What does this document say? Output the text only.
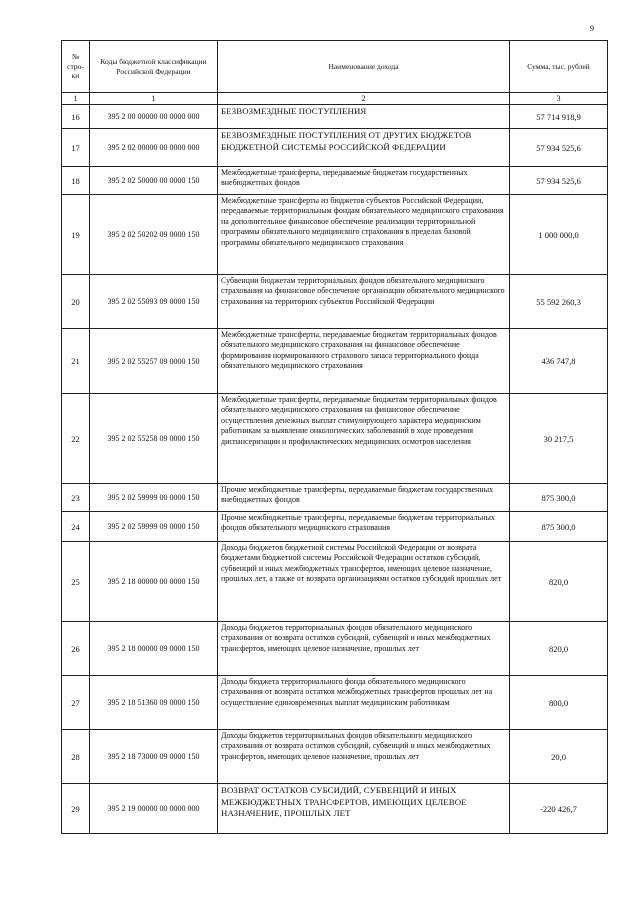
9
№ стро-ки	Коды бюджетной классификации Российской Федерации	Наименование дохода	Сумма, тыс. рублей
1	1	2	3
16	395 2 00 00000 00 0000 000	БЕЗВОЗМЕЗДНЫЕ ПОСТУПЛЕНИЯ	57 714 918,9
17	395 2 02 00000 00 0000 000	БЕЗВОЗМЕЗДНЫЕ ПОСТУПЛЕНИЯ ОТ ДРУГИХ БЮДЖЕТОВ БЮДЖЕТНОЙ СИСТЕМЫ РОССИЙСКОЙ ФЕДЕРАЦИИ	57 934 525,6
18	395 2 02 50000 00 0000 150	Межбюджетные трансферты, передаваемые бюджетам государственных внебюджетных фондов	57 934 525,6
19	395 2 02 50202 09 0000 150	Межбюджетные трансферты из бюджетов субъектов Российской Федерации, передаваемые территориальным фондам обязательного медицинского страхования на дополнительное финансовое обеспечение реализации территориальной программы обязательного медицинского страхования в пределах базовой программы обязательного медицинского страхования	1 000 000,0
20	395 2 02 55093 09 0000 150	Субвенции бюджетам территориальных фондов обязательного медицинского страхования на финансовое обеспечение организации обязательного медицинского страхования на территориях субъектов Российской Федерации	55 592 260,3
21	395 2 02 55257 09 0000 150	Межбюджетные трансферты, передаваемые бюджетам территориальных фондов обязательного медицинского страхования на финансовое обеспечение формирования нормированного страхового запаса территориального фонда обязательного медицинского страхования	436 747,8
22	395 2 02 55258 09 0000 150	Межбюджетные трансферты, передаваемые бюджетам территориальных фондов обязательного медицинского страхования на финансовое обеспечение осуществления денежных выплат стимулирующего характера медицинским работникам за выявление онкологических заболеваний в ходе проведения диспансеризации и профилактических медицинских осмотров населения	30 217,5
23	395 2 02 59999 00 0000 150	Прочие межбюджетные трансферты, передаваемые бюджетам государственных внебюджетных фондов	875 300,0
24	395 2 02 59999 09 0000 150	Прочие межбюджетные трансферты, передаваемые бюджетам территориальных фондов обязательного медицинского страхования	875 300,0
25	395 2 18 00000 00 0000 150	Доходы бюджетов бюджетной системы Российской Федерации от возврата бюджетами бюджетной системы Российской Федерации остатков субсидий, субвенций и иных межбюджетных трансфертов, имеющих целевое назначение, прошлых лет, а также от возврата организациями остатков субсидий прошлых лет	820,0
26	395 2 18 00000 09 0000 150	Доходы бюджетов территориальных фондов обязательного медицинского страхования от возврата остатков субсидий, субвенций и иных межбюджетных трансфертов, имеющих целевое назначение, прошлых лет	820,0
27	395 2 18 51360 09 0000 150	Доходы бюджета территориального фонда обязательного медицинского страхования от возврата остатков межбюджетных трансфертов прошлых лет на осуществление единовременных выплат медицинским работникам	800,0
28	395 2 18 73000 09 0000 150	Доходы бюджетов территориальных фондов обязательного медицинского страхования от возврата остатков субсидий, субвенций и иных межбюджетных трансфертов, имеющих целевое назначение, прошлых лет	20,0
29	395 2 19 00000 00 0000 000	ВОЗВРАТ ОСТАТКОВ СУБСИДИЙ, СУБВЕНЦИЙ И ИНЫХ МЕЖБЮДЖЕТНЫХ ТРАНСФЕРТОВ, ИМЕЮЩИХ ЦЕЛЕВОЕ НАЗНАЧЕНИЕ, ПРОШЛЫХ ЛЕТ	-220 426,7
